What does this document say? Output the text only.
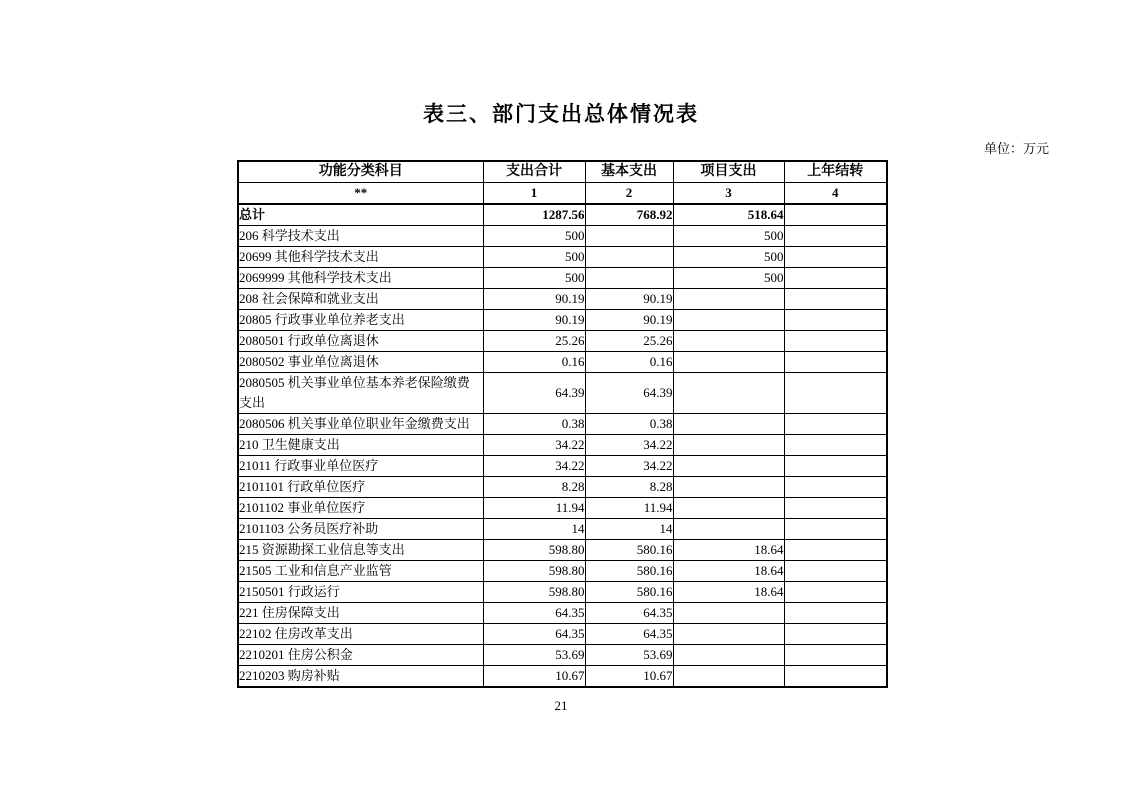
表三、部门支出总体情况表
单位：万元
功能分类科目	支出合计	基本支出	项目支出	上年结转
**	1	2	3	4
总计	1287.56	768.92	518.64	
206 科学技术支出	500		500	
20699 其他科学技术支出	500		500	
2069999 其他科学技术支出	500		500	
208 社会保障和就业支出	90.19	90.19		
20805 行政事业单位养老支出	90.19	90.19		
2080501 行政单位离退休	25.26	25.26		
2080502 事业单位离退休	0.16	0.16		
2080505 机关事业单位基本养老保险缴费支出	64.39	64.39		
2080506 机关事业单位职业年金缴费支出	0.38	0.38		
210 卫生健康支出	34.22	34.22		
21011 行政事业单位医疗	34.22	34.22		
2101101 行政单位医疗	8.28	8.28		
2101102 事业单位医疗	11.94	11.94		
2101103 公务员医疗补助	14	14		
215 资源勘探工业信息等支出	598.80	580.16	18.64	
21505 工业和信息产业监管	598.80	580.16	18.64	
2150501 行政运行	598.80	580.16	18.64	
221 住房保障支出	64.35	64.35		
22102 住房改革支出	64.35	64.35		
2210201 住房公积金	53.69	53.69		
2210203 购房补贴	10.67	10.67		
21
